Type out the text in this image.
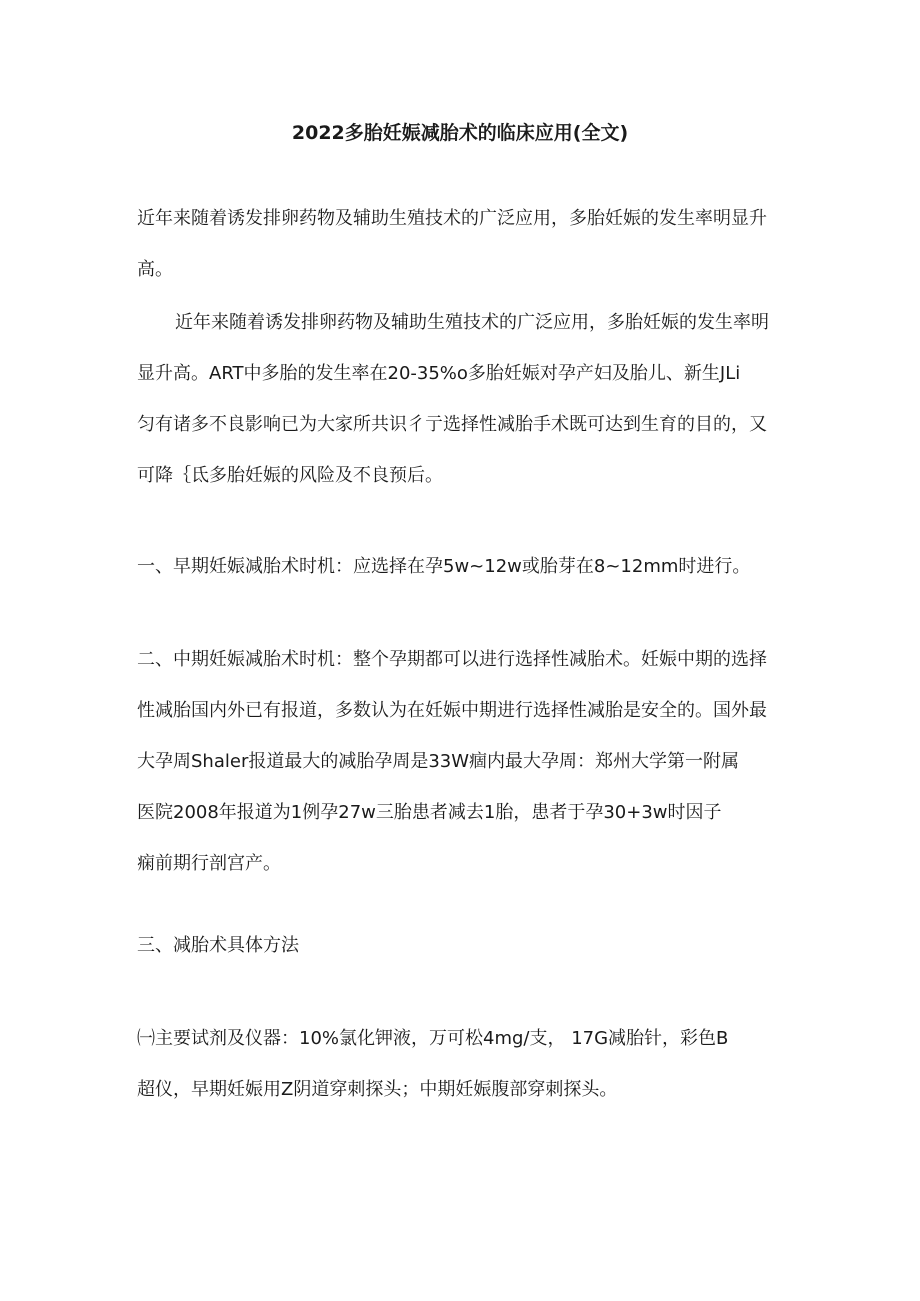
2022多胎妊娠减胎术的临床应用(全文)

近年来随着诱发排卵药物及辅助生殖技术的广泛应用，多胎妊娠的发生率明显升
高。

近年来随着诱发排卵药物及辅助生殖技术的广泛应用，多胎妊娠的发生率明
显升高。ART中多胎的发生率在20-35%o多胎妊娠对孕产妇及胎儿、新生JLi
匀有诸多不良影响已为大家所共识彳亍选择性减胎手术既可达到生育的目的，又
可降｛氐多胎妊娠的风险及不良预后。

一、早期妊娠减胎术时机：应选择在孕5w~12w或胎芽在8~12mm时进行。

二、中期妊娠减胎术时机：整个孕期都可以进行选择性减胎术。妊娠中期的选择
性减胎国内外已有报道，多数认为在妊娠中期进行选择性减胎是安全的。国外最
大孕周Shaler报道最大的减胎孕周是33W痼内最大孕周：郑州大学第一附属
医院2008年报道为1例孕27w三胎患者减去1胎，患者于孕30+3w时因子
痫前期行剖宫产。

三、减胎术具体方法

㈠主要试剂及仪器：10%氯化钾液，万可松4mg/支， 17G减胎针，彩色B
超仪，早期妊娠用Z阴道穿刺探头；中期妊娠腹部穿刺探头。
